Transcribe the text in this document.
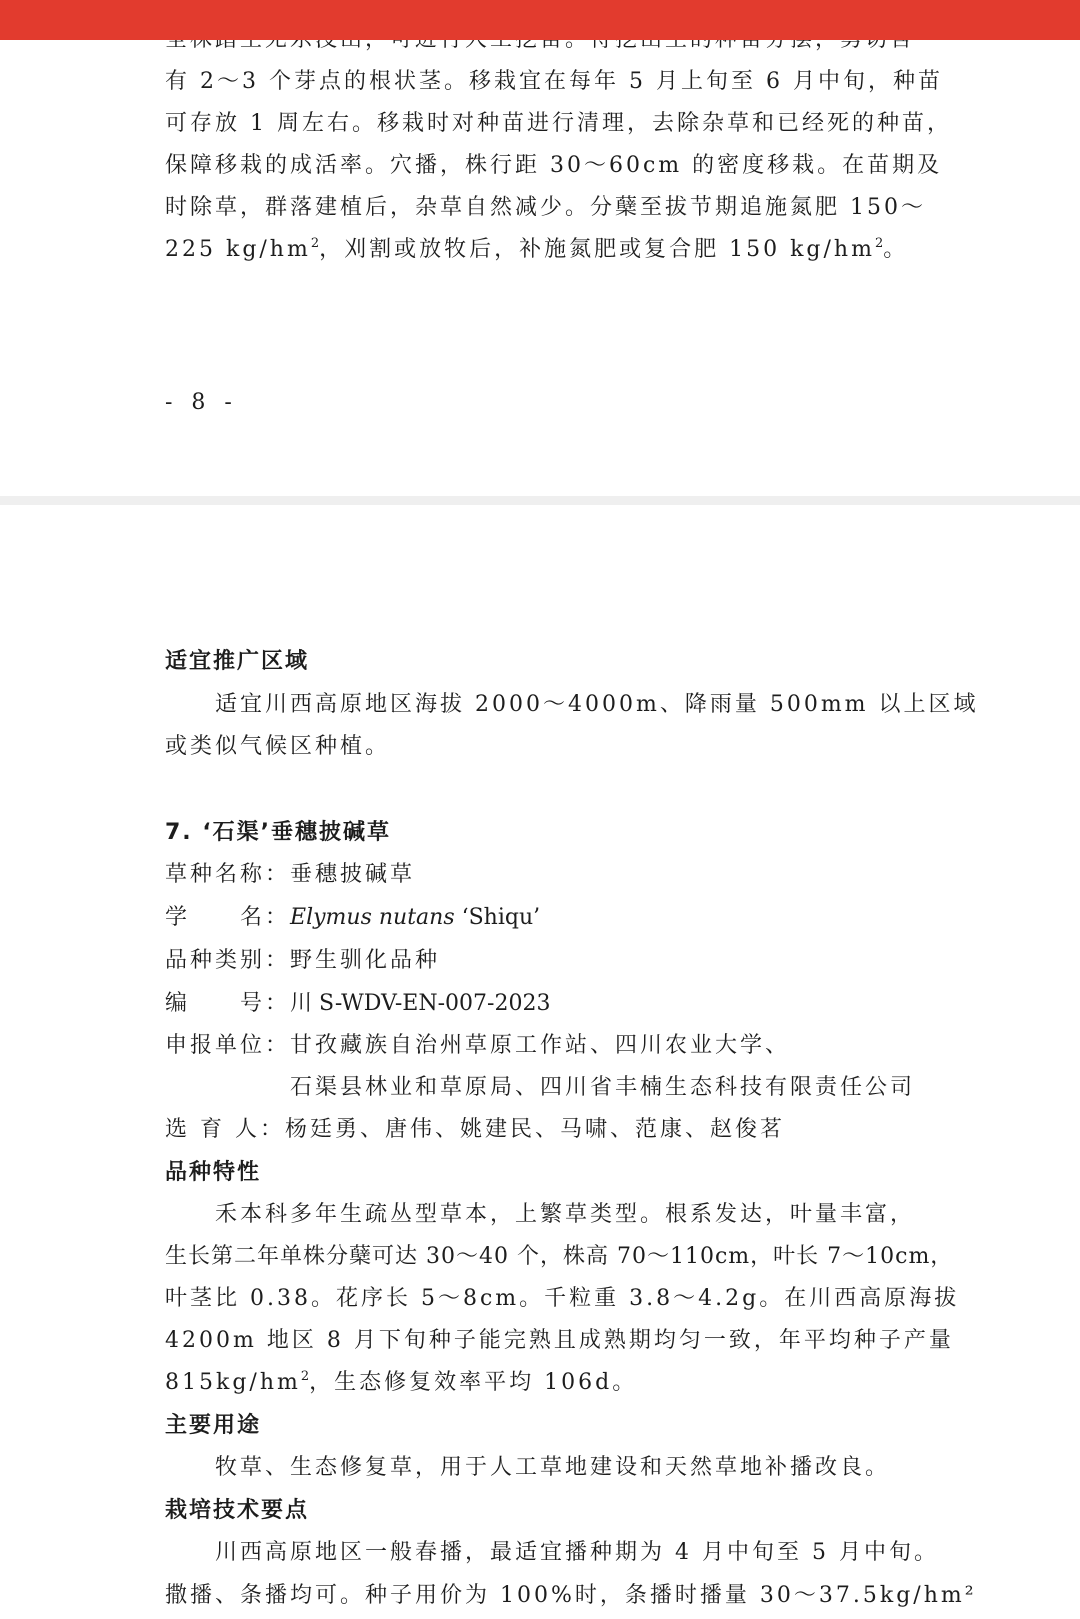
有 2～3 个芽点的根状茎。移栽宜在每年 5 月上旬至 6 月中旬，种苗
可存放 1 周左右。移栽时对种苗进行清理，去除杂草和已经死的种苗，
保障移栽的成活率。穴播，株行距 30～60cm 的密度移栽。在苗期及
时除草，群落建植后，杂草自然减少。分蘖至拔节期追施氮肥 150～
225 $kg/hm^2$，刈割或放牧后，补施氮肥或复合肥 150 $kg/hm^2$。
- 8 -
适宜推广区域
适宜川西高原地区海拔 2000～4000m、降雨量 500mm 以上区域
或类似气候区种植。
7. ‘石渠’垂穗披碱草
草种名称：垂穗披碱草
学　　名：Elymus nutans ‘Shiqu’
品种类别：野生驯化品种
编　　号：川 S-WDV-EN-007-2023
申报单位：甘孜藏族自治州草原工作站、四川农业大学、
石渠县林业和草原局、四川省丰楠生态科技有限责任公司
选 育 人：杨廷勇、唐伟、姚建民、马啸、范康、赵俊茗
品种特性
禾本科多年生疏丛型草本，上繁草类型。根系发达，叶量丰富，
生长第二年单株分蘖可达 30～40 个，株高 70～110cm，叶长 7～10cm，
叶茎比 0.38。花序长 5～8cm。千粒重 3.8～4.2g。在川西高原海拔
4200m 地区 8 月下旬种子能完熟且成熟期均匀一致，年平均种子产量
$815kg/hm^2$，生态修复效率平均 106d。
主要用途
牧草、生态修复草，用于人工草地建设和天然草地补播改良。
栽培技术要点
川西高原地区一般春播，最适宜播种期为 4 月中旬至 5 月中旬。
撒播、条播均可。种子用价为 100%时，条播时播量 30～37.5kg/hm²
